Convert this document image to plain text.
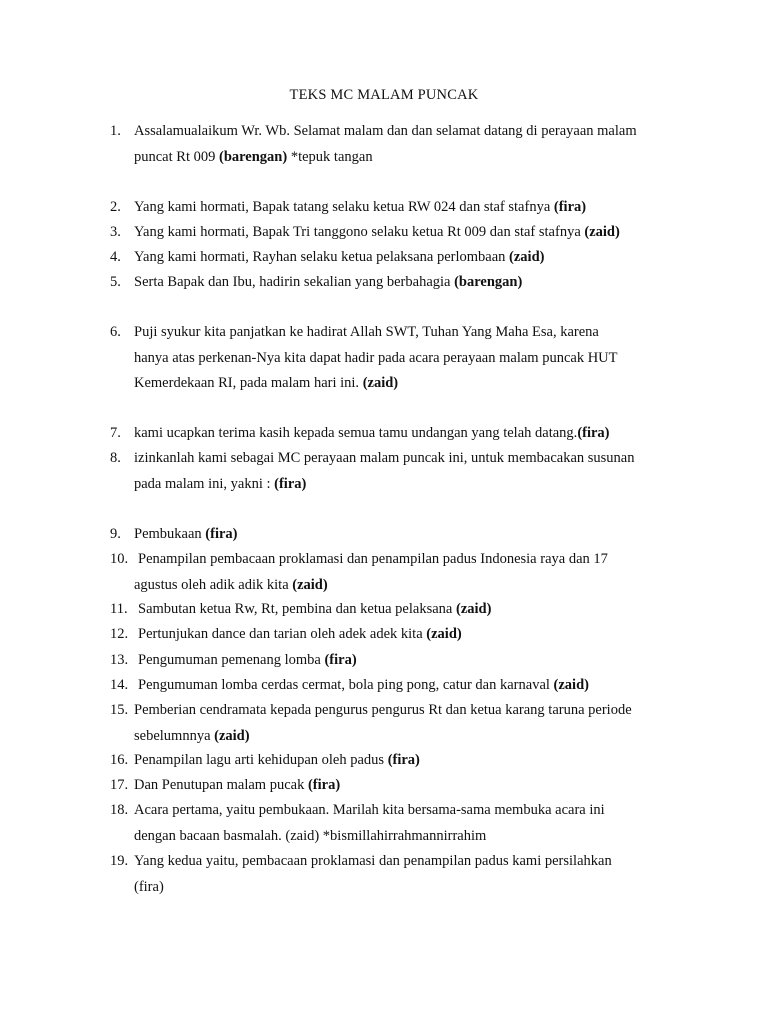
TEKS MC MALAM PUNCAK
1. Assalamualaikum Wr. Wb. Selamat malam dan dan selamat datang di perayaan malam
puncat Rt 009 (barengan) *tepuk tangan
2. Yang kami hormati, Bapak tatang selaku ketua RW 024 dan staf stafnya (fira)
3. Yang kami hormati, Bapak Tri tanggono selaku ketua Rt 009 dan staf stafnya (zaid)
4. Yang kami hormati, Rayhan selaku ketua pelaksana perlombaan (zaid)
5. Serta Bapak dan Ibu, hadirin sekalian yang berbahagia (barengan)
6. Puji syukur kita panjatkan ke hadirat Allah SWT, Tuhan Yang Maha Esa, karena
hanya atas perkenan-Nya kita dapat hadir pada acara perayaan malam puncak HUT
Kemerdekaan RI, pada malam hari ini. (zaid)
7. kami ucapkan terima kasih kepada semua tamu undangan yang telah datang.(fira)
8. izinkanlah kami sebagai MC perayaan malam puncak ini, untuk membacakan susunan
pada malam ini, yakni : (fira)
9. Pembukaan (fira)
10. Penampilan pembacaan proklamasi dan penampilan padus Indonesia raya dan 17
agustus oleh adik adik kita (zaid)
11. Sambutan ketua Rw, Rt, pembina dan ketua pelaksana (zaid)
12. Pertunjukan dance dan tarian oleh adek adek kita (zaid)
13. Pengumuman pemenang lomba (fira)
14. Pengumuman lomba cerdas cermat, bola ping pong, catur dan karnaval (zaid)
15. Pemberian cendramata kepada pengurus pengurus Rt dan ketua karang taruna periode
sebelumnnya (zaid)
16. Penampilan lagu arti kehidupan oleh padus (fira)
17. Dan Penutupan malam pucak (fira)
18. Acara pertama, yaitu pembukaan. Marilah kita bersama-sama membuka acara ini
dengan bacaan basmalah. (zaid) *bismillahirrahmannirrahim
19. Yang kedua yaitu, pembacaan proklamasi dan penampilan padus kami persilahkan
(fira)
